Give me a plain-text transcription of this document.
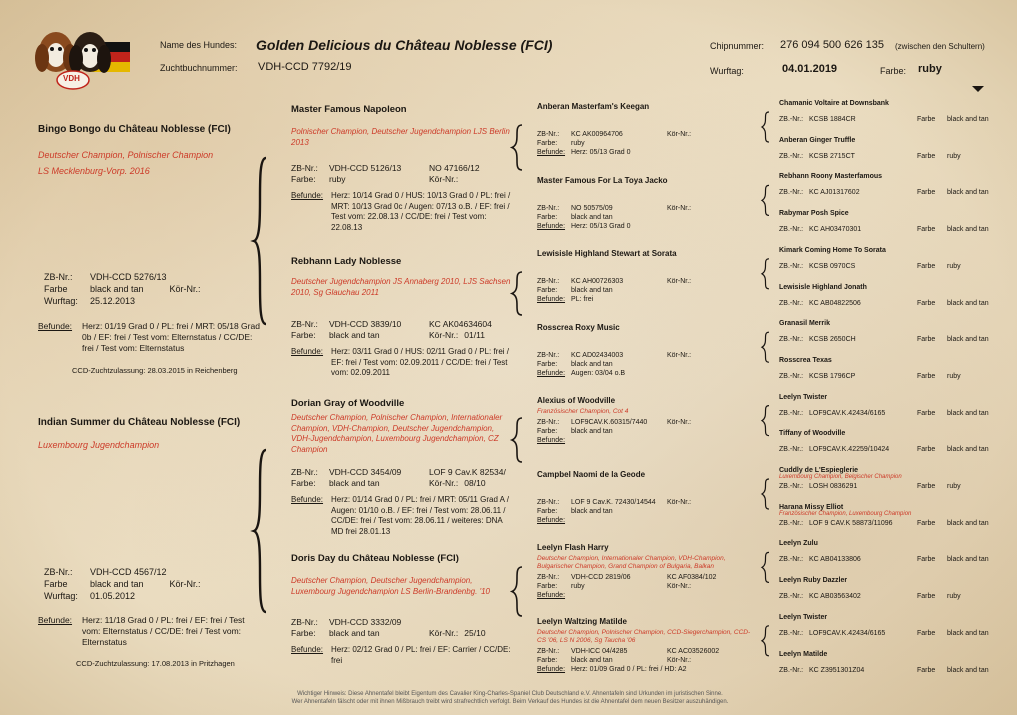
VDH
Name des Hundes: Golden Delicious du Château Noblesse (FCI)
Zuchtbuchnummer: VDH-CCD 7792/19
Chipnummer: 276 094 500 626 135 (zwischen den Schultern)
Wurftag:	04.01.2019	Farbe: ruby
Bingo Bongo du Château Noblesse (FCI)
Deutscher Champion, Polnischer Champion
LS Mecklenburg-Vorp. 2016
ZB-Nr.:	VDH-CCD 5276/13
Farbe	black and tan	Kör-Nr.:
Wurftag:	25.12.2013
Befunde:	Herz: 01/19 Grad 0 / PL: frei / MRT: 05/18 Grad 0b / EF: frei / Test vom: Elternstatus / CC/DE: frei / Test vom: Elternstatus
CCD-Zuchtzulassung: 28.03.2015 in Reichenberg
Indian Summer du Château Noblesse (FCI)
Luxembourg Jugendchampion
ZB-Nr.:	VDH-CCD 4567/12
Farbe	black and tan	Kör-Nr.:
Wurftag:	01.05.2012
Befunde:	Herz: 11/18 Grad 0 / PL: frei / EF: frei / Test vom: Elternstatus / CC/DE: frei / Test vom: Elternstatus
CCD-Zuchtzulassung: 17.08.2013 in Pritzhagen
Master Famous Napoleon
Polnischer Champion, Deutscher Jugendchampion LJS Berlin 2013
ZB-Nr.:	VDH-CCD 5126/13	NO 47166/12
Farbe:	ruby	Kör-Nr.:
Befunde: Herz: 10/14 Grad 0 / HUS: 10/13 Grad 0 / PL: frei / MRT: 10/13 Grad 0c / Augen: 07/13 o.B. / EF: frei / Test vom: 22.08.13 / CC/DE: frei / Test vom: 22.08.13
Rebhann Lady Noblesse
Deutscher Jugendchampion JS Annaberg 2010, LJS Sachsen 2010, Sg Glauchau 2011
ZB-Nr.:	VDH-CCD 3839/10	KC AK04634604
Farbe:	black and tan	Kör-Nr.: 01/11
Befunde: Herz: 03/11 Grad 0 / HUS: 02/11 Grad 0 / PL: frei / EF: frei / Test vom: 02.09.2011 / CC/DE: frei / Test vom: 02.09.2011
Dorian Gray of Woodville
Deutscher Champion, Polnischer Champion, Internationaler Champion, VDH-Champion, Deutscher Jugendchampion, VDH-Jugendchampion, Luxembourg Jugendchampion, CZ Champion
ZB-Nr.:	VDH-CCD 3454/09	LOF 9 Cav.K 82534/
Farbe:	black and tan	Kör-Nr.: 08/10
Befunde: Herz: 01/14 Grad 0 / PL: frei / MRT: 05/11 Grad A / Augen: 01/10 o.B. / EF: frei / Test vom: 28.06.11 / CC/DE: frei / Test vom: 28.06.11 / weiteres: DNA MD frei 28.01.13
Doris Day du Château Noblesse (FCI)
Deutscher Champion, Deutscher Jugendchampion, Luxembourg Jugendchampion LS Berlin-Brandenbg. '10
ZB-Nr.:	VDH-CCD 3332/09
Farbe:	black and tan	Kör-Nr.: 25/10
Befunde: Herz: 02/12 Grad 0 / PL: frei / EF: Carrier / CC/DE: frei
Anberan Masterfam's Keegan
ZB-Nr.:	KC AK00964706	Kör-Nr.:
Farbe:	ruby
Befunde: Herz: 05/13 Grad 0
Master Famous For La Toya Jacko
ZB-Nr.:	NO 50575/09	Kör-Nr.:
Farbe:	black and tan
Befunde: Herz: 05/13 Grad 0
Lewisisle Highland Stewart at Sorata
ZB-Nr.:	KC AH00726303	Kör-Nr.:
Farbe:	black and tan
Befunde: PL: frei
Rosscrea Roxy Music
ZB-Nr.:	KC AD02434003	Kör-Nr.:
Farbe:	black and tan
Befunde: Augen: 03/04 o.B
Alexius of Woodville
Französischer Champion, Cot 4
ZB-Nr.:	LOF9CAV.K.60315/7440	Kör-Nr.:
Farbe:	black and tan
Befunde:
Campbel Naomi de la Geode
ZB-Nr.:	LOF 9 Cav.K. 72430/14544	Kör-Nr.:
Farbe:	black and tan
Befunde:
Leelyn Flash Harry
Deutscher Champion, Internationaler Champion, VDH-Champion, Bulgarischer Champion, Grand Champion of Bulgaria, Balkan
ZB-Nr.:	VDH-CCD 2819/06	KC AF0384/102
Farbe:	ruby	Kör-Nr.:
Befunde:
Leelyn Waltzing Matilde
Deutscher Champion, Polnischer Champion, CCD-Siegerchampion, CCD-CS '06, LS N 2006, Sg Taucha '06
ZB-Nr.:	VDH-ICC 04/4285	KC AC03526002
Farbe:	black and tan	Kör-Nr.:
Befunde: Herz: 01/09 Grad 0 / PL: frei / HD: A2
Chamanic Voltaire at Downsbank
ZB.-Nr.: KCSB 1884CR	Farbe	black and tan
Anberan Ginger Truffle
ZB.-Nr.: KCSB 2715CT	Farbe	ruby
Rebhann Roony Masterfamous
ZB.-Nr.: KC AJ01317602	Farbe	black and tan
Rabymar Posh Spice
ZB.-Nr.: KC AH03470301	Farbe	black and tan
Kimark Coming Home To Sorata
ZB.-Nr.: KCSB 0970CS	Farbe	ruby
Lewisisle Highland Jonath
ZB.-Nr.: KC AB04822506	Farbe	black and tan
Granasil Merrik
ZB.-Nr.: KCSB 2650CH	Farbe	black and tan
Rosscrea Texas
ZB.-Nr.: KCSB 1796CP	Farbe	ruby
Leelyn Twister
ZB.-Nr.: LOF9CAV.K.42434/6165	Farbe	black and tan
Tiffany of Woodville
ZB.-Nr.: LOF9CAV.K.42259/10424	Farbe	black and tan
Cuddly de L'Espieglerie
Luxembourg Champion, Belgischer Champion
ZB.-Nr.: LOSH 0836291	Farbe	ruby
Harana Missy Elliot
Französischer Champion, Luxembourg Champion
ZB.-Nr.: LOF 9 CAV.K 58873/11096	Farbe	black and tan
Leelyn Zulu
ZB.-Nr.: KC AB04133806	Farbe	black and tan
Leelyn Ruby Dazzler
ZB.-Nr.: KC AB03563402	Farbe	ruby
Leelyn Twister
ZB.-Nr.: LOF9CAV.K.42434/6165	Farbe	black and tan
Leelyn Matilde
ZB.-Nr.: KC Z3951301Z04	Farbe	black and tan
Wichtiger Hinweis: Diese Ahnentafel bleibt Eigentum des Cavalier King-Charles-Spaniel Club Deutschland e.V. Ahnentafeln sind Urkunden im juristischen Sinne.
Wer Ahnentafeln fälscht oder mit ihnen Mißbrauch treibt wird strafrechtlich verfolgt. Beim Verkauf des Hundes ist die Ahnentafel dem neuen Besitzer auszuhändigen.
